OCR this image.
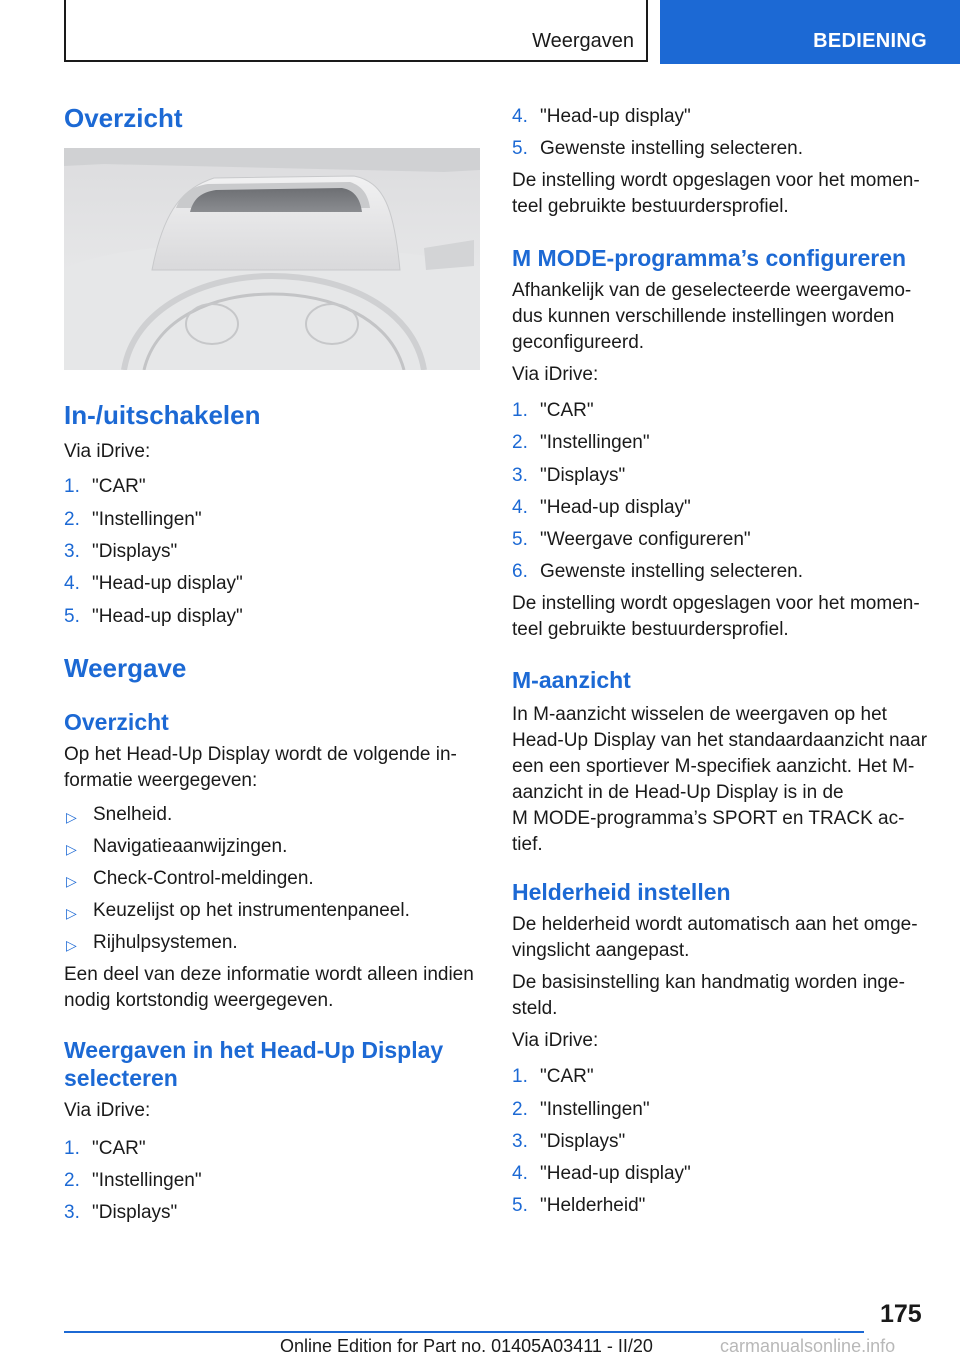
Weergaven	BEDIENING
Overzicht
In-/uitschakelen
Via iDrive:
1. "CAR"
2. "Instellingen"
3. "Displays"
4. "Head-up display"
5. "Head-up display"
Weergave
Overzicht
Op het Head-Up Display wordt de volgende in-
formatie weergegeven:
▷ Snelheid.
▷ Navigatieaanwijzingen.
▷ Check-Control-meldingen.
▷ Keuzelijst op het instrumentenpaneel.
▷ Rijhulpsystemen.
Een deel van deze informatie wordt alleen indien
nodig kortstondig weergegeven.
Weergaven in het Head-Up Display
selecteren
Via iDrive:
1. "CAR"
2. "Instellingen"
3. "Displays"
4. "Head-up display"
5. Gewenste instelling selecteren.
De instelling wordt opgeslagen voor het momen-
teel gebruikte bestuurdersprofiel.
M MODE-programma’s configureren
Afhankelijk van de geselecteerde weergavemo-
dus kunnen verschillende instellingen worden
geconfigureerd.
Via iDrive:
1. "CAR"
2. "Instellingen"
3. "Displays"
4. "Head-up display"
5. "Weergave configureren"
6. Gewenste instelling selecteren.
De instelling wordt opgeslagen voor het momen-
teel gebruikte bestuurdersprofiel.
M-aanzicht
In M-aanzicht wisselen de weergaven op het
Head-Up Display van het standaardaanzicht naar
een een sportiever M-specifiek aanzicht. Het M-
aanzicht in de Head-Up Display is in de
M MODE-programma’s SPORT en TRACK ac-
tief.
Helderheid instellen
De helderheid wordt automatisch aan het omge-
vingslicht aangepast.
De basisinstelling kan handmatig worden inge-
steld.
Via iDrive:
1. "CAR"
2. "Instellingen"
3. "Displays"
4. "Head-up display"
5. "Helderheid"
175
Online Edition for Part no. 01405A03411 - II/20	carmanualsonline.info
